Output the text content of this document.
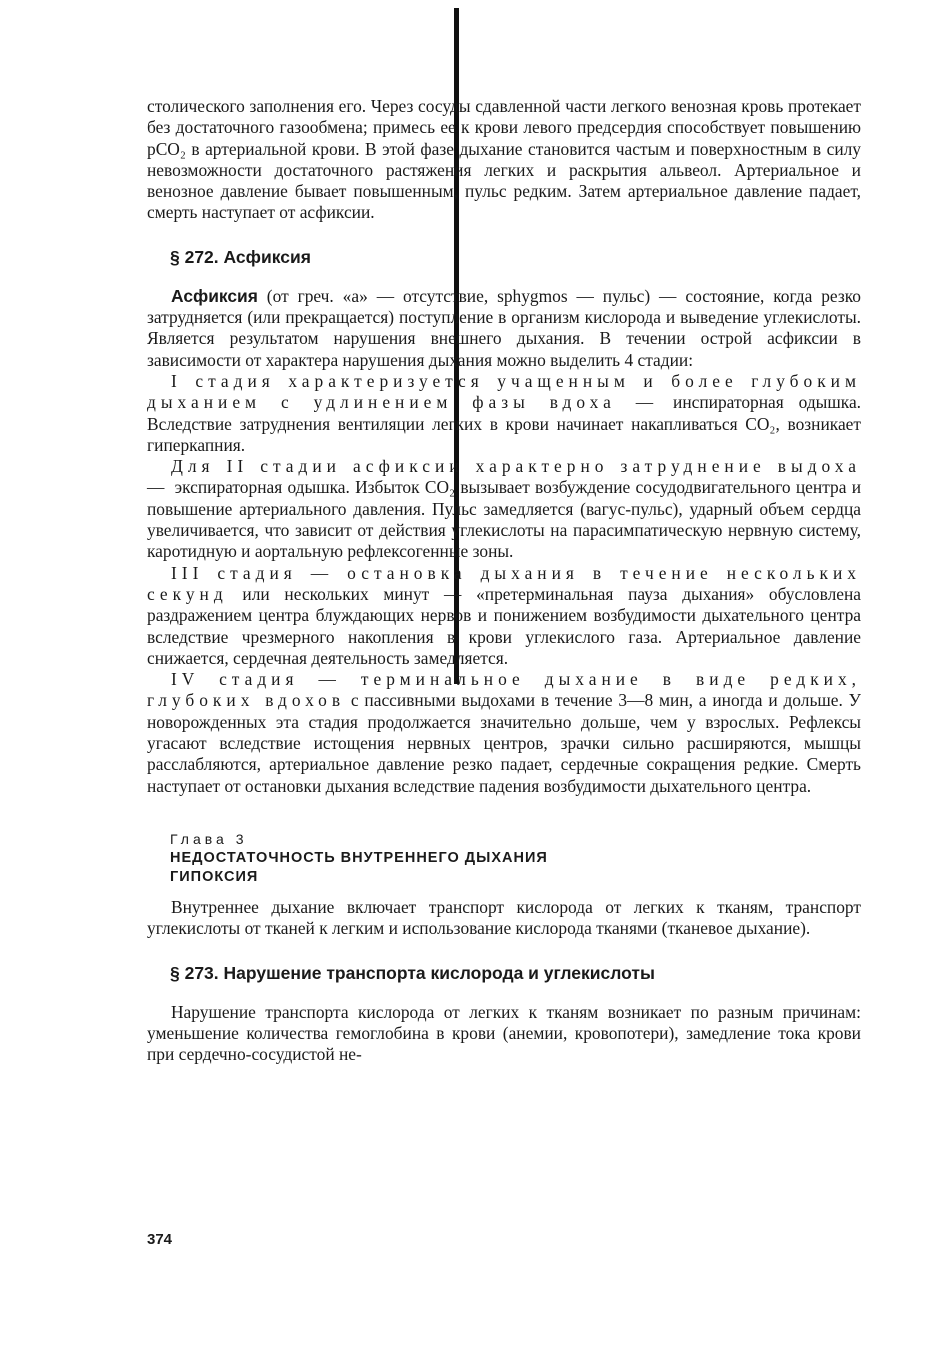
столического заполнения его. Через сосуды сдавленной части легкого венозная кровь протекает без достаточного газообмена; примесь ее к крови левого предсердия способствует повышению pCO₂ в артериальной крови. В этой фазе дыхание становится частым и поверхностным в силу невозможности достаточного растяжения легких и раскрытия альвеол. Артериальное и венозное давление бывает повышенным, пульс редким. Затем артериальное давление падает, смерть наступает от асфиксии.

§ 272. Асфиксия

Асфиксия (от греч. «а» — отсутствие, sphygmos — пульс) — состояние, когда резко затрудняется (или прекращается) поступление в организм кислорода и выведение углекислоты. Является результатом нарушения внешнего дыхания. В течении острой асфиксии в зависимости от характера нарушения дыхания можно выделить 4 стадии:

I стадия характеризуется учащенным и более глубоким дыханием с удлинением фазы вдоха — инспираторная одышка. Вследствие затруднения вентиляции легких в крови начинает накапливаться CO₂, возникает гиперкапния.

Для II стадии асфиксии характерно затруднение выдоха — экспираторная одышка. Избыток CO₂ вызывает возбуждение сосудодвигательного центра и повышение артериального давления. Пульс замедляется (вагус-пульс), ударный объем сердца увеличивается, что зависит от действия углекислоты на парасимпатическую нервную систему, каротидную и аортальную рефлексогенные зоны.

III стадия — остановка дыхания в течение нескольких секунд или нескольких минут — «претерминальная пауза дыхания» обусловлена раздражением центра блуждающих нервов и понижением возбудимости дыхательного центра вследствие чрезмерного накопления в крови углекислого газа. Артериальное давление снижается, сердечная деятельность замедляется.

IV стадия — терминальное дыхание в виде редких, глубоких вдохов с пассивными выдохами в течение 3—8 мин, а иногда и дольше. У новорожденных эта стадия продолжается значительно дольше, чем у взрослых. Рефлексы угасают вследствие истощения нервных центров, зрачки сильно расширяются, мышцы расслабляются, артериальное давление резко падает, сердечные сокращения редкие. Смерть наступает от остановки дыхания вследствие падения возбудимости дыхательного центра.

Глава 3
НЕДОСТАТОЧНОСТЬ ВНУТРЕННЕГО ДЫХАНИЯ
ГИПОКСИЯ

Внутреннее дыхание включает транспорт кислорода от легких к тканям, транспорт углекислоты от тканей к легким и использование кислорода тканями (тканевое дыхание).

§ 273. Нарушение транспорта кислорода и углекислоты

Нарушение транспорта кислорода от легких к тканям возникает по разным причинам: уменьшение количества гемоглобина в крови (анемии, кровопотери), замедление тока крови при сердечно-сосудистой не-

374
